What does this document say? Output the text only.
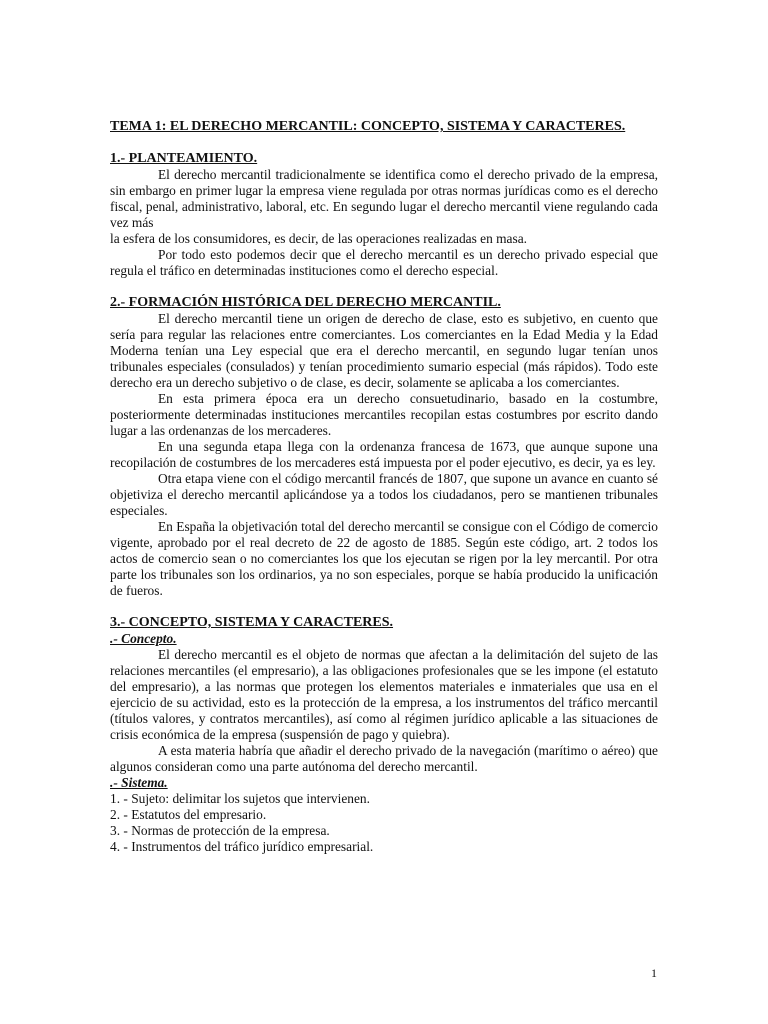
TEMA 1: EL DERECHO MERCANTIL: CONCEPTO, SISTEMA Y CARACTERES.

1.- PLANTEAMIENTO.

El derecho mercantil tradicionalmente se identifica como el derecho privado de la empresa, sin embargo en primer lugar la empresa viene regulada por otras normas jurídicas como es el derecho fiscal, penal, administrativo, laboral, etc. En segundo lugar el derecho mercantil viene regulando cada vez más

la esfera de los consumidores, es decir, de las operaciones realizadas en masa.

Por todo esto podemos decir que el derecho mercantil es un derecho privado especial que regula el tráfico en determinadas instituciones como el derecho especial.

2.- FORMACIÓN HISTÓRICA DEL DERECHO MERCANTIL.

El derecho mercantil tiene un origen de derecho de clase, esto es subjetivo, en cuento que sería para regular las relaciones entre comerciantes. Los comerciantes en la Edad Media y la Edad Moderna tenían una Ley especial que era el derecho mercantil, en segundo lugar tenían unos tribunales especiales (consulados) y tenían procedimiento sumario especial (más rápidos). Todo este derecho era un derecho subjetivo o de clase, es decir, solamente se aplicaba a los comerciantes.

En esta primera época era un derecho consuetudinario, basado en la costumbre, posteriormente determinadas instituciones mercantiles recopilan estas costumbres por escrito dando lugar a las ordenanzas de los mercaderes.

En una segunda etapa llega con la ordenanza francesa de 1673, que aunque supone una recopilación de costumbres de los mercaderes está impuesta por el poder ejecutivo, es decir, ya es ley.

Otra etapa viene con el código mercantil francés de 1807, que supone un avance en cuanto sé objetiviza el derecho mercantil aplicándose ya a todos los ciudadanos, pero se mantienen tribunales especiales.

En España la objetivación total del derecho mercantil se consigue con el Código de comercio vigente, aprobado por el real decreto de 22 de agosto de 1885. Según este código, art. 2 todos los actos de comercio sean o no comerciantes los que los ejecutan se rigen por la ley mercantil. Por otra parte los tribunales son los ordinarios, ya no son especiales, porque se había producido la unificación de fueros.

3.- CONCEPTO, SISTEMA Y CARACTERES.

.- Concepto.

El derecho mercantil es el objeto de normas que afectan a la delimitación del sujeto de las relaciones mercantiles (el empresario), a las obligaciones profesionales que se les impone (el estatuto del empresario), a las normas que protegen los elementos materiales e inmateriales que usa en el ejercicio de su actividad, esto es la protección de la empresa, a los instrumentos del tráfico mercantil (títulos valores, y contratos mercantiles), así como al régimen jurídico aplicable a las situaciones de crisis económica de la empresa (suspensión de pago y quiebra).

A esta materia habría que añadir el derecho privado de la navegación (marítimo o aéreo) que algunos consideran como una parte autónoma del derecho mercantil.

.- Sistema.

1. - Sujeto: delimitar los sujetos que intervienen.

2. - Estatutos del empresario.

3. - Normas de protección de la empresa.

4. - Instrumentos del tráfico jurídico empresarial.

1
